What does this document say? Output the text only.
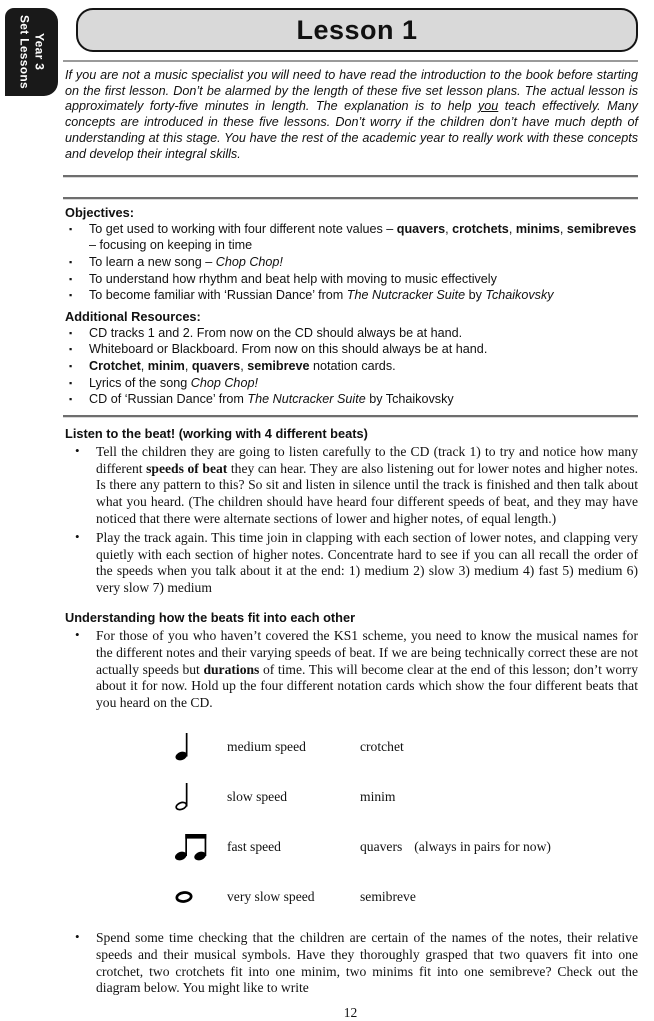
Year 3
Set Lessons	Lesson 1

If you are not a music specialist you will need to have read the introduction to the book before starting on the first lesson. Don’t be alarmed by the length of these five set lesson plans. The actual lesson is approximately forty-five minutes in length. The explanation is to help you teach effectively. Many concepts are introduced in these five lessons. Don’t worry if the children don’t have much depth of understanding at this stage. You have the rest of the academic year to really work with these concepts and develop their integral skills.

Objectives:
▪ To get used to working with four different note values – quavers, crotchets, minims, semibreves – focusing on keeping in time
▪ To learn a new song – Chop Chop!
▪ To understand how rhythm and beat help with moving to music effectively
▪ To become familiar with ‘Russian Dance’ from The Nutcracker Suite by Tchaikovsky
Additional Resources:
▪ CD tracks 1 and 2. From now on the CD should always be at hand.
▪ Whiteboard or Blackboard. From now on this should always be at hand.
▪ Crotchet, minim, quavers, semibreve notation cards.
▪ Lyrics of the song Chop Chop!
▪ CD of ‘Russian Dance’ from The Nutcracker Suite by Tchaikovsky
Listen to the beat! (working with 4 different beats)
• Tell the children they are going to listen carefully to the CD (track 1) to try and notice how many different speeds of beat they can hear. They are also listening out for lower notes and higher notes. Is there any pattern to this? So sit and listen in silence until the track is finished and then talk about what you heard. (The children should have heard four different speeds of beat, and they may have noticed that there were alternate sections of lower and higher notes, of equal length.)
• Play the track again. This time join in clapping with each section of lower notes, and clapping very quietly with each section of higher notes. Concentrate hard to see if you can all recall the order of the speeds when you talk about it at the end: 1) medium 2) slow 3) medium 4) fast 5) medium 6) very slow 7) medium
Understanding how the beats fit into each other
• For those of you who haven’t covered the KS1 scheme, you need to know the musical names for the different notes and their varying speeds of beat. If we are being technically correct these are not actually speeds but durations of time. This will become clear at the end of this lesson; don’t worry about it for now. Hold up the four different notation cards which show the four different beats that you heard on the CD.
medium speed	crotchet
slow speed	minim
fast speed	quavers (always in pairs for now)
very slow speed	semibreve
• Spend some time checking that the children are certain of the names of the notes, their relative speeds and their musical symbols. Have they thoroughly grasped that two quavers fit into one crotchet, two crotchets fit into one minim, two minims fit into one semibreve? Check out the diagram below. You might like to write
12
